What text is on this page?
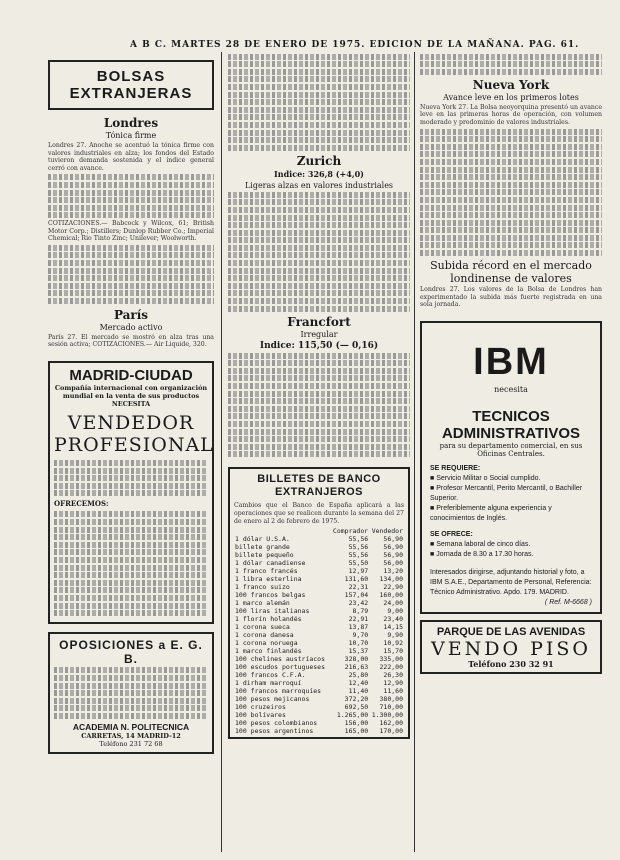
A B C. MARTES 28 DE ENERO DE 1975. EDICION DE LA MAÑANA. PAG. 61.
BOLSAS EXTRANJERAS
Londres
Tónica firme

Londres 27. Anoche se acentuó la tónica firme con valores industriales en alza; los fondos del Estado tuvieron demanda sostenida y el índice general cerró con avance.

COTIZACIONES.— Babcock y Wilcox, 61; British Motor Corp.; Distillers; Dunlop Rubber Co.; Imperial Chemical; Rio Tinto Zinc; Unilever; Woolworth.

París
Mercado activo

París 27. El mercado se mostró en alza tras una sesión activa; COTIZACIONES.— Air Liquide, 320.

MADRID-CIUDAD
Compañía internacional con organización mundial en la venta de sus productos NECESITA
VENDEDOR PROFESIONAL
OFRECEMOS:
OPOSICIONES a E. G. B.
ACADEMIA N. POLITECNICA
CARRETAS, 14 MADRID-12
Teléfono 231 72 68
Zurich
Indice: 326,8 (+4,0)
Ligeras alzas en valores industriales
Francfort
Irregular
Indice: 115,50 (— 0,16)
BILLETES DE BANCO EXTRANJEROS

Cambios que el Banco de España aplicará a las operaciones que se realicen durante la semana del 27 de enero al 2 de febrero de 1975.

	Comprador	Vendedor
1 dólar U.S.A.	55,56	56,90
billete grande	55,56	56,90
billete pequeño	55,56	56,90
1 dólar canadiense	55,50	56,00
1 franco francés	12,97	13,20
1 libra esterlina	131,60	134,00
1 franco suizo	22,31	22,90
100 francos belgas	157,04	160,00
1 marco alemán	23,42	24,00
100 liras italianas	8,79	9,00
1 florín holandés	22,91	23,40
1 corona sueca	13,87	14,15
1 corona danesa	9,70	9,90
1 corona noruega	10,70	10,92
1 marco finlandés	15,37	15,70
100 chelines austríacos	328,00	335,00
100 escudos portugueses	216,63	222,00
100 francos C.F.A.	25,80	26,30
1 dirham marroquí	12,40	12,90
100 francos marroquíes	11,40	11,60
100 pesos mejicanos	372,20	380,00
100 cruzeiros	692,50	710,00
100 bolívares	1.265,00	1.300,00
100 pesos colombianos	156,00	162,00
100 pesos argentinos	165,00	170,00
Nueva York
Avance leve en los primeros lotes

Nueva York 27. La Bolsa neoyorquina presentó un avance leve en las primeras horas de operación, con volumen moderado y predominio de valores industriales.

Subida récord en el mercado londinense de valores

Londres 27. Los valores de la Bolsa de Londres han experimentado la subida más fuerte registrada en una sola jornada.

IBM
necesita
TECNICOS ADMINISTRATIVOS
para su departamento comercial, en sus Oficinas Centrales.
SE REQUIERE:
■ Servicio Militar o Social cumplido.
■ Profesor Mercantil, Perito Mercantil, o Bachiller Superior.
■ Preferiblemente alguna experiencia y conocimientos de Inglés.
SE OFRECE:
■ Semana laboral de cinco días.
■ Jornada de 8.30 a 17.30 horas.
Interesados dirigirse, adjuntando historial y foto, a IBM S.A.E., Departamento de Personal, Referencia: Técnico Administrativo. Apdo. 179. MADRID.
( Ref. M-6668 )
PARQUE DE LAS AVENIDAS
VENDO PISO
Teléfono 230 32 91
